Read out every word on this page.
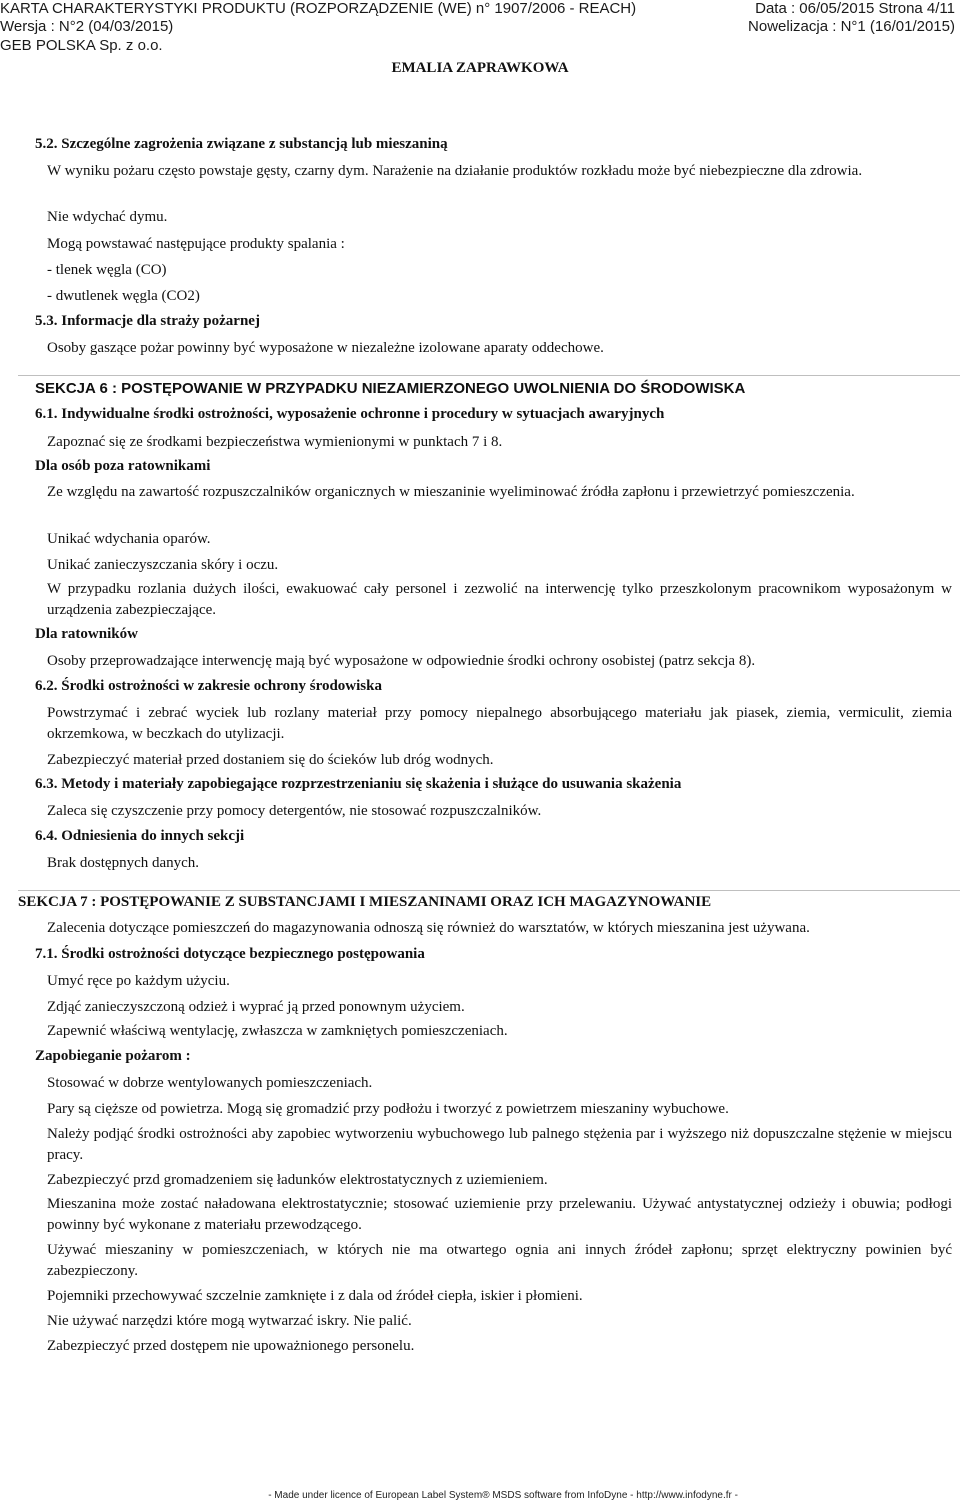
KARTA CHARAKTERYSTYKI PRODUKTU (ROZPORZĄDZENIE (WE) n° 1907/2006 - REACH)	Data : 06/05/2015 Strona 4/11
Wersja : N°2 (04/03/2015)	Nowelizacja : N°1 (16/01/2015)
GEB POLSKA Sp. z o.o.
EMALIA ZAPRAWKOWA
5.2. Szczególne zagrożenia związane z substancją lub mieszaniną
W wyniku pożaru często powstaje gęsty, czarny dym. Narażenie na działanie produktów rozkładu może być niebezpieczne dla zdrowia.
Nie wdychać dymu.
Mogą powstawać następujące produkty spalania :
- tlenek węgla (CO)
- dwutlenek węgla (CO2)
5.3. Informacje dla straży pożarnej
Osoby gaszące pożar powinny być wyposażone w niezależne izolowane aparaty oddechowe.
SEKCJA 6 : POSTĘPOWANIE W PRZYPADKU NIEZAMIERZONEGO UWOLNIENIA DO ŚRODOWISKA
6.1. Indywidualne środki ostrożności, wyposażenie ochronne i procedury w sytuacjach awaryjnych
Zapoznać się ze środkami bezpieczeństwa wymienionymi w punktach 7 i 8.
Dla osób poza ratownikami
Ze względu na zawartość rozpuszczalników organicznych w mieszaninie wyeliminować źródła zapłonu i przewietrzyć pomieszczenia.
Unikać wdychania oparów.
Unikać zanieczyszczania skóry i oczu.
W przypadku rozlania dużych ilości, ewakuować cały personel i zezwolić na interwencję tylko przeszkolonym pracownikom wyposażonym w urządzenia zabezpieczające.
Dla ratowników
Osoby przeprowadzające interwencję mają być wyposażone w odpowiednie środki ochrony osobistej (patrz sekcja 8).
6.2. Środki ostrożności w zakresie ochrony środowiska
Powstrzymać i zebrać wyciek lub rozlany materiał przy pomocy niepalnego absorbującego materiału jak piasek, ziemia, vermiculit, ziemia okrzemkowa, w beczkach do utylizacji.
Zabezpieczyć materiał przed dostaniem się do ścieków lub dróg wodnych.
6.3. Metody i materiały zapobiegające rozprzestrzenianiu się skażenia i służące do usuwania skażenia
Zaleca się czyszczenie przy pomocy detergentów, nie stosować rozpuszczalników.
6.4. Odniesienia do innych sekcji
Brak dostępnych danych.
SEKCJA 7 : POSTĘPOWANIE Z SUBSTANCJAMI I MIESZANINAMI ORAZ ICH MAGAZYNOWANIE
Zalecenia dotyczące pomieszczeń do magazynowania odnoszą się również do warsztatów, w których mieszanina jest używana.
7.1. Środki ostrożności dotyczące bezpiecznego postępowania
Umyć ręce po każdym użyciu.
Zdjąć zanieczyszczoną odzież i wyprać ją przed ponownym użyciem.
Zapewnić właściwą wentylację, zwłaszcza w zamkniętych pomieszczeniach.
Zapobieganie pożarom :
Stosować w dobrze wentylowanych pomieszczeniach.
Pary są cięższe od powietrza. Mogą się gromadzić przy podłożu i tworzyć z powietrzem mieszaniny wybuchowe.
Należy podjąć środki ostrożności aby zapobiec wytworzeniu wybuchowego lub palnego stężenia par i wyższego niż dopuszczalne stężenie w miejscu pracy.
Zabezpieczyć przd gromadzeniem się ładunków elektrostatycznych z uziemieniem.
Mieszanina może zostać naładowana elektrostatycznie; stosować uziemienie przy przelewaniu. Używać antystatycznej odzieży i obuwia; podłogi powinny być wykonane z materiału przewodzącego.
Używać mieszaniny w pomieszczeniach, w których nie ma otwartego ognia ani innych źródeł zapłonu; sprzęt elektryczny powinien być zabezpieczony.
Pojemniki przechowywać szczelnie zamknięte i z dala od źródeł ciepła, iskier i płomieni.
Nie używać narzędzi które mogą wytwarzać iskry. Nie palić.
Zabezpieczyć przed dostępem nie upoważnionego personelu.
- Made under licence of European Label System® MSDS software from InfoDyne - http://www.infodyne.fr -
